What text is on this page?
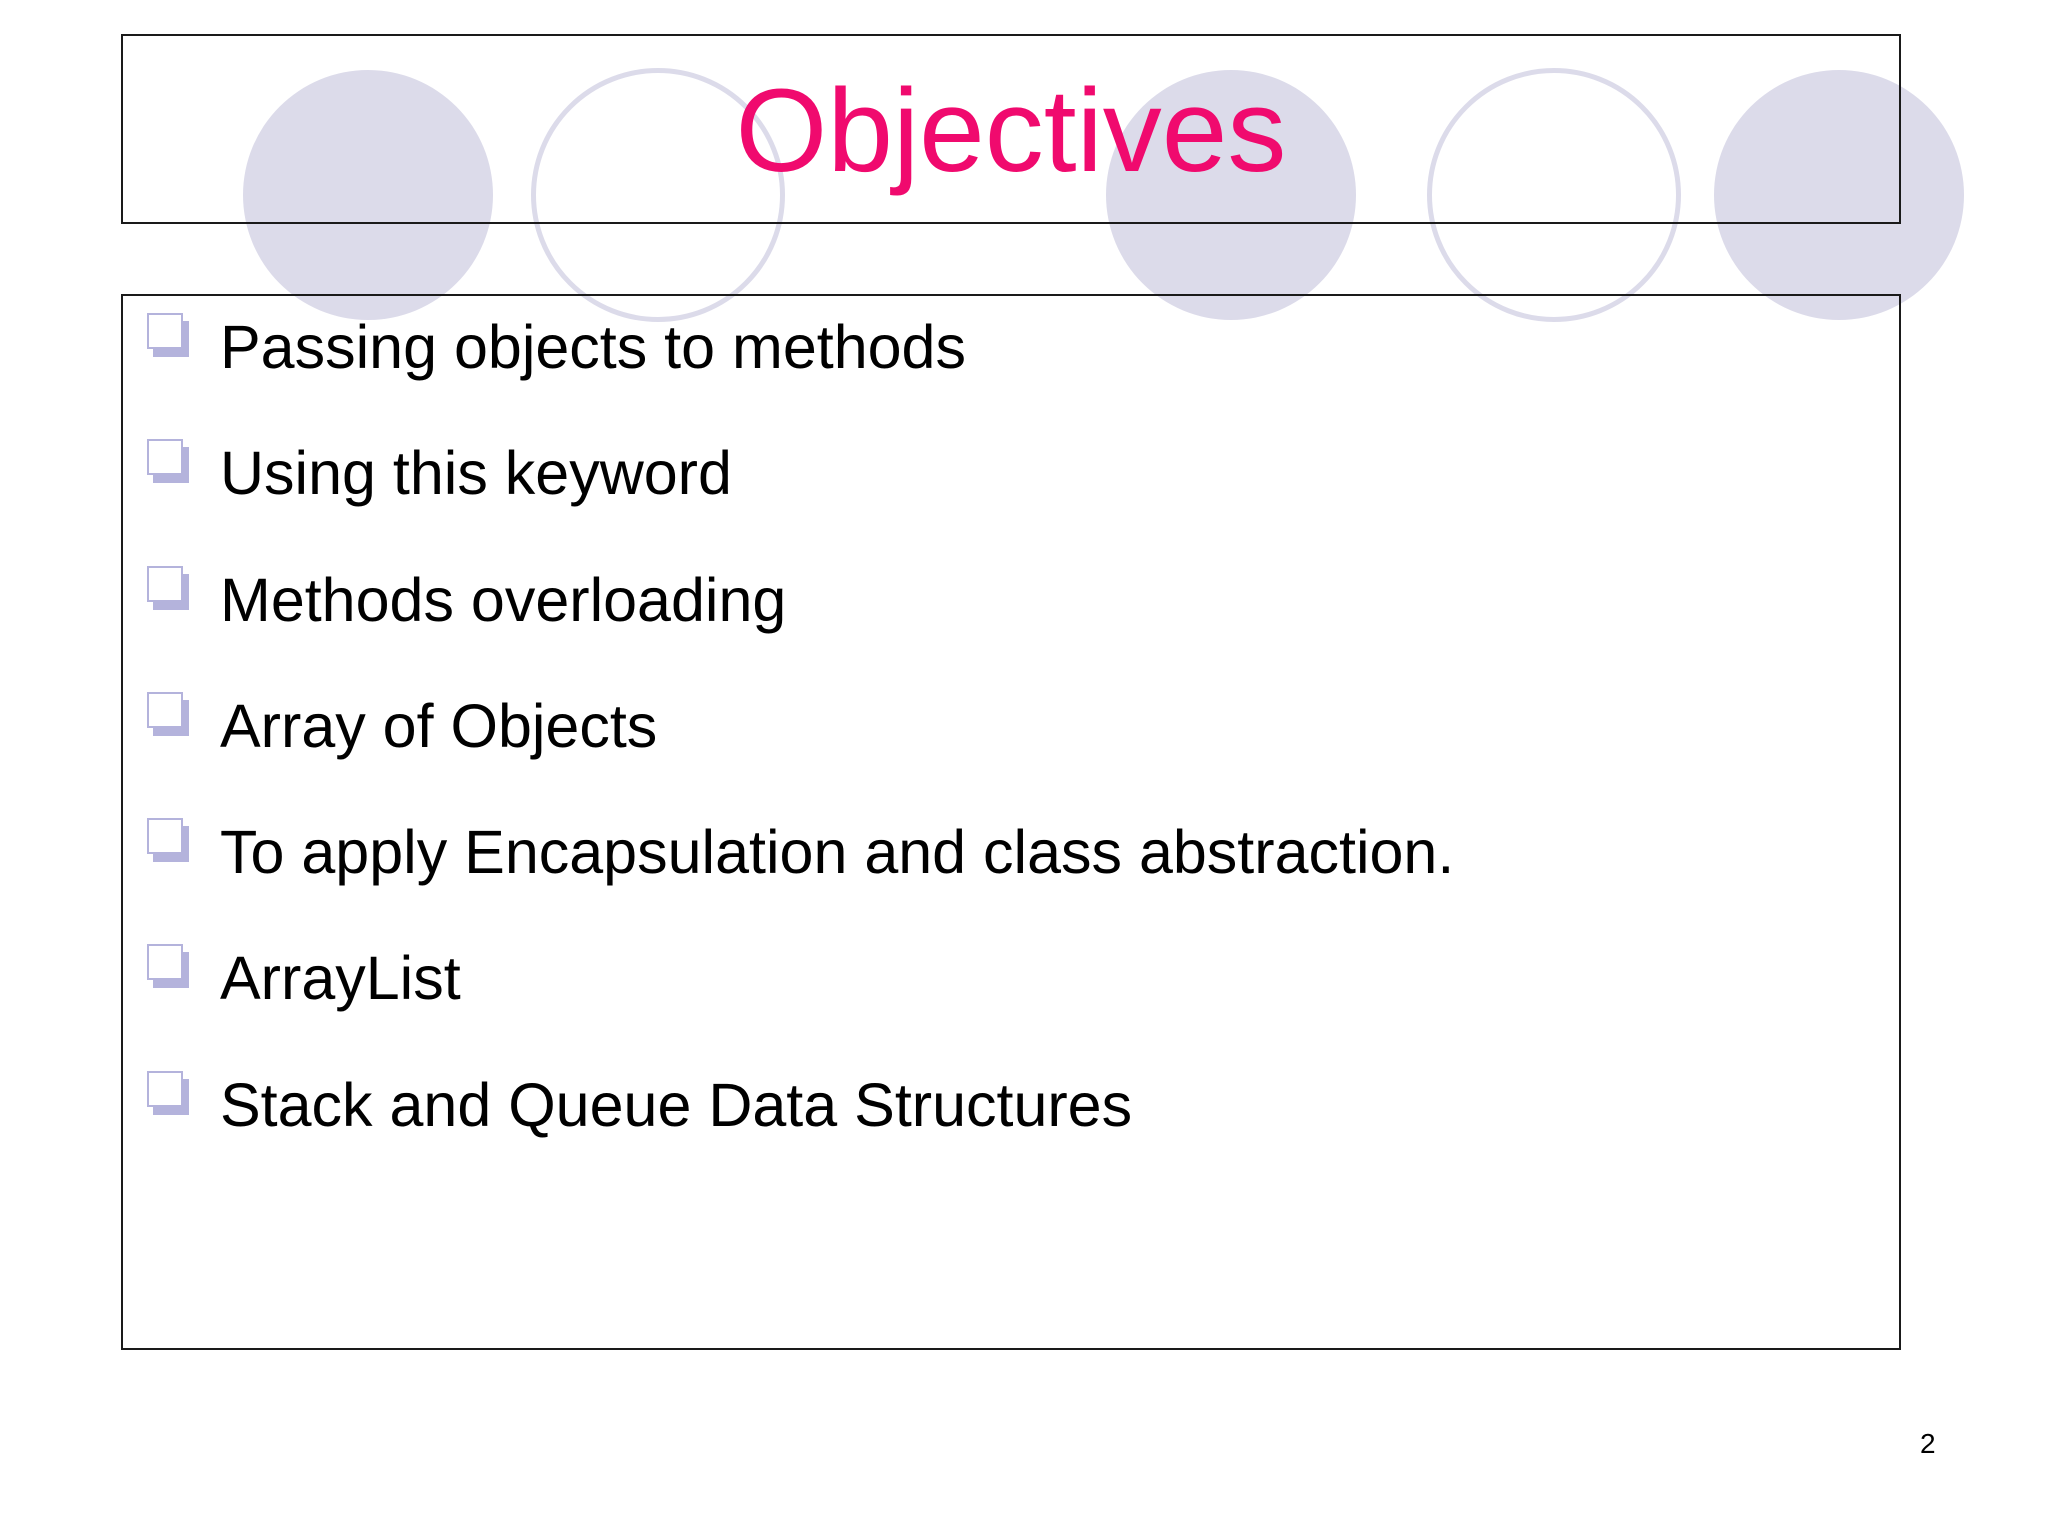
Objectives
Passing objects to methods
Using this keyword
Methods overloading
Array of Objects
To apply Encapsulation and class abstraction.
ArrayList
Stack and Queue Data Structures
2
